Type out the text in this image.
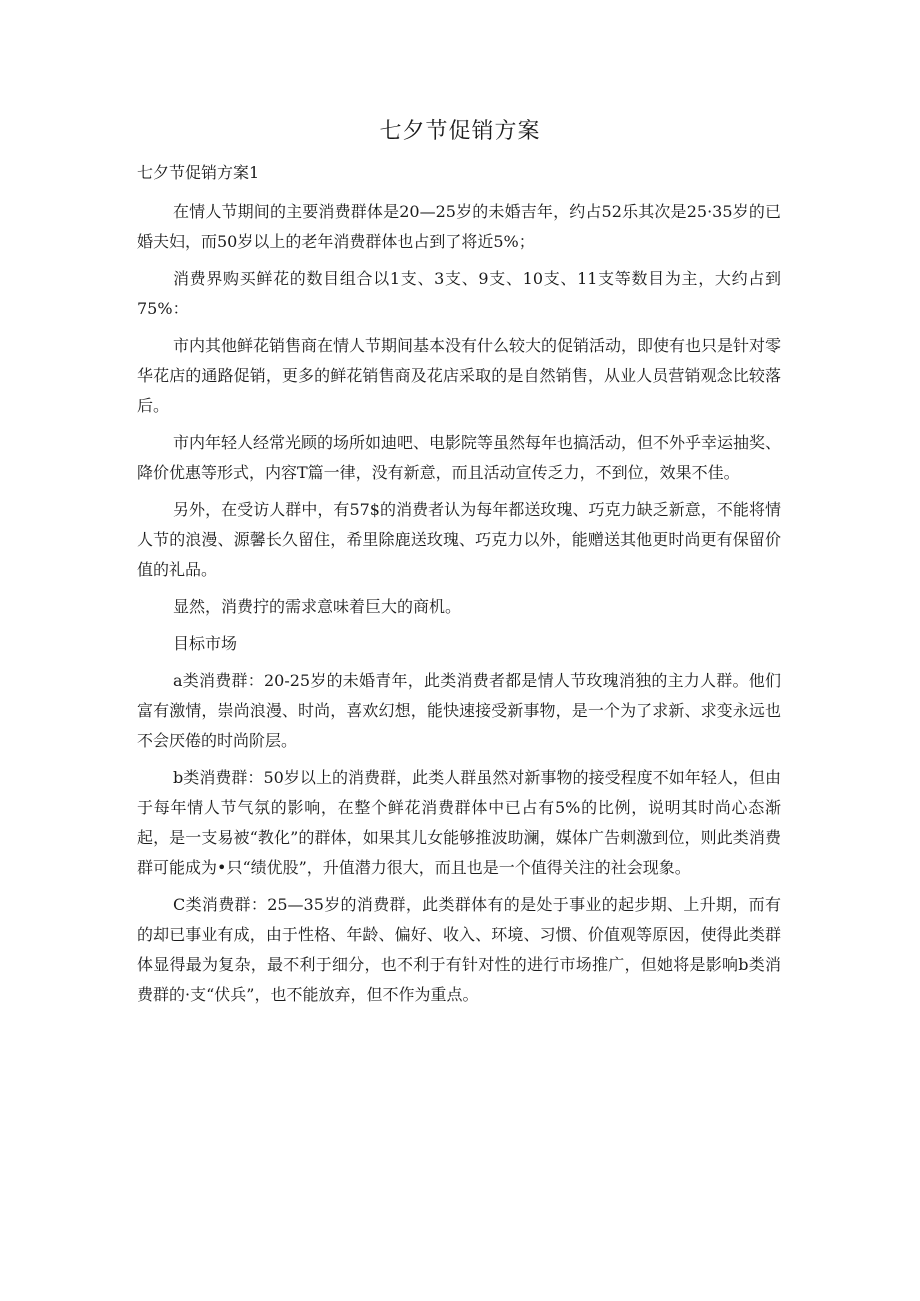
七夕节促销方案

七夕节促销方案1

在情人节期间的主要消费群体是20—25岁的未婚吉年，约占52乐其次是25·35岁的已婚夫妇，而50岁以上的老年消费群体也占到了将近5%；

消费界购买鲜花的数目组合以1支、3支、9支、10支、11支等数目为主，大约占到75%：

市内其他鲜花销售商在情人节期间基本没有什么较大的促销活动，即使有也只是针对零华花店的通路促销，更多的鲜花销售商及花店采取的是自然销售，从业人员营销观念比较落后。

市内年轻人经常光顾的场所如迪吧、电影院等虽然每年也搞活动，但不外乎幸运抽奖、降价优惠等形式，内容T篇一律，没有新意，而且活动宣传乏力，不到位，效果不佳。

另外，在受访人群中，有57$的消费者认为每年都送玫瑰、巧克力缺乏新意，不能将情人节的浪漫、源馨长久留住，希里除鹿送玫瑰、巧克力以外，能赠送其他更时尚更有保留价值的礼品。

显然，消费拧的需求意味着巨大的商机。

目标市场

a类消费群：20-25岁的未婚青年，此类消费者都是情人节玫瑰消独的主力人群。他们富有激情，崇尚浪漫、时尚，喜欢幻想，能快速接受新事物，是一个为了求新、求变永远也不会厌倦的时尚阶层。

b类消费群：50岁以上的消费群，此类人群虽然对新事物的接受程度不如年轻人，但由于每年情人节气氛的影响，在整个鲜花消费群体中已占有5%的比例，说明其时尚心态渐起，是一支易被“教化”的群体，如果其儿女能够推波助澜，媒体广告刺激到位，则此类消费群可能成为•只“绩优股”，升值潜力很大，而且也是一个值得关注的社会现象。

C类消费群：25—35岁的消费群，此类群体有的是处于事业的起步期、上升期，而有的却已事业有成，由于性格、年龄、偏好、收入、环境、习惯、价值观等原因，使得此类群体显得最为复杂，最不利于细分，也不利于有针对性的进行市场推广，但她将是影响b类消费群的·支“伏兵”，也不能放弃，但不作为重点。
